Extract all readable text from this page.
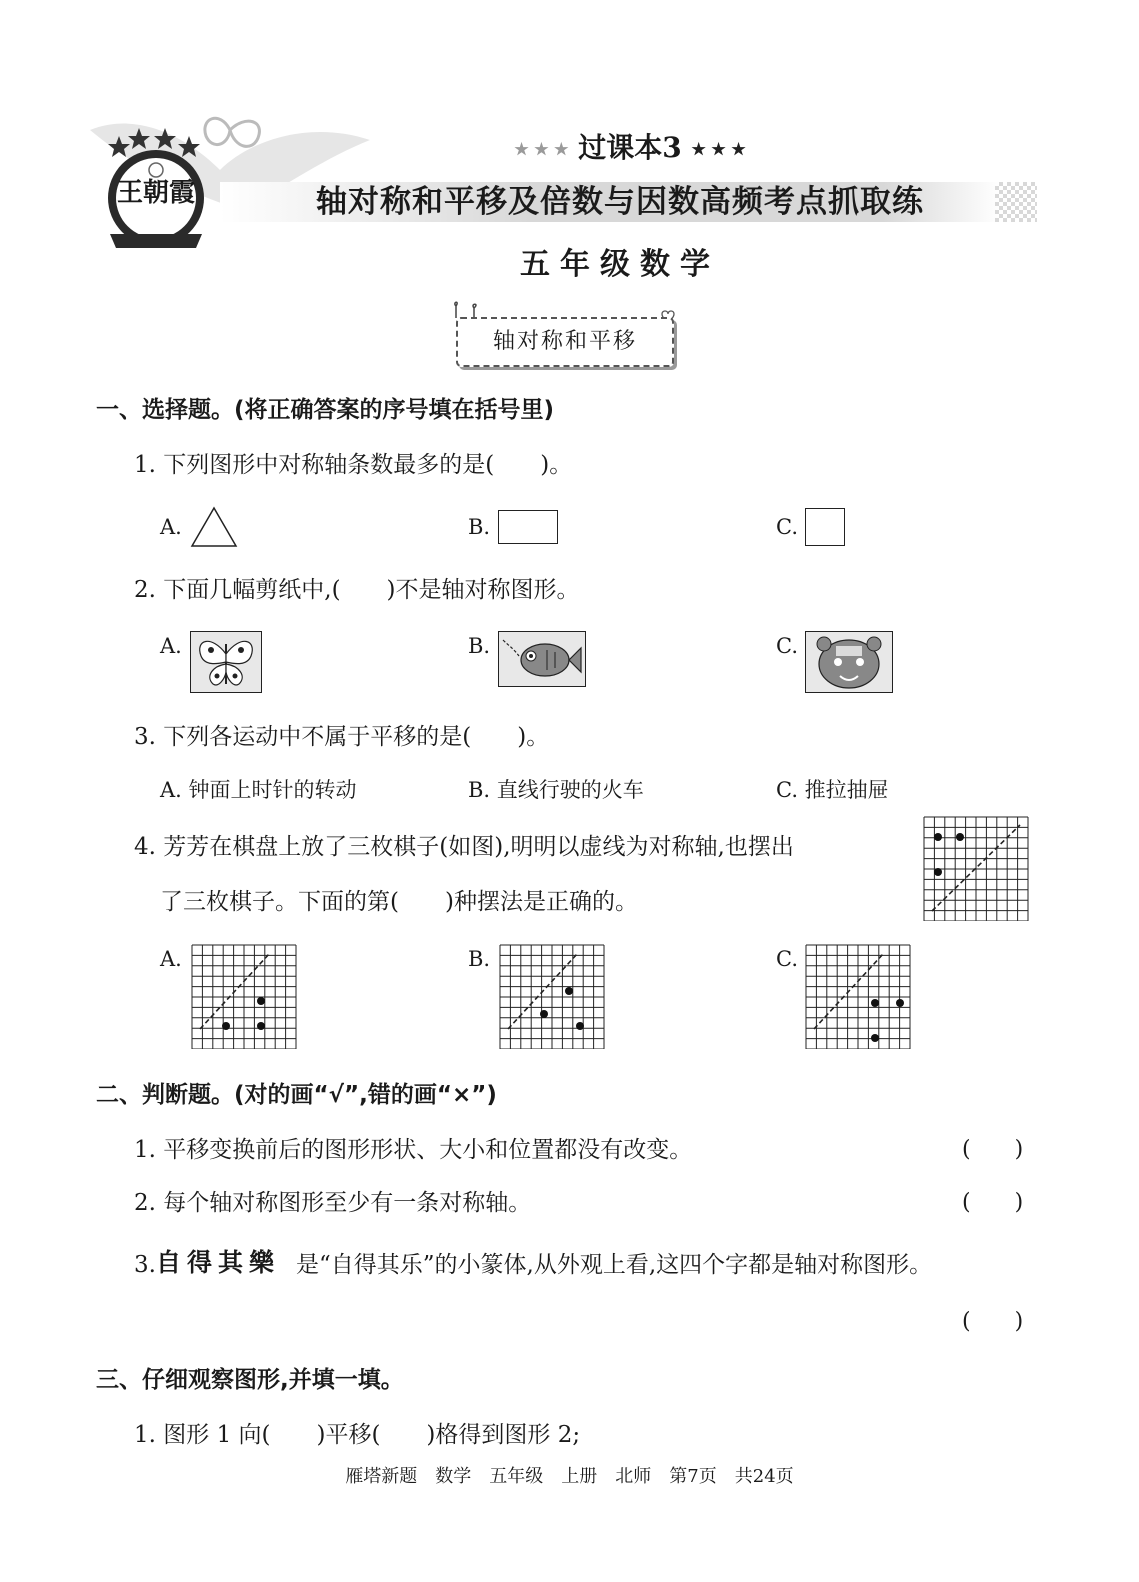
王朝霞
★ ★ ★ 过课本3 ★ ★ ★
轴对称和平移及倍数与因数高频考点抓取练
五年级数学
轴对称和平移
一、选择题。(将正确答案的序号填在括号里)
1. 下列图形中对称轴条数最多的是(　　)。
A.	B.	C.
2. 下面几幅剪纸中,(　　)不是轴对称图形。
A.	B.	C.
3. 下列各运动中不属于平移的是(　　)。
A. 钟面上时针的转动	B. 直线行驶的火车	C. 推拉抽屉
4. 芳芳在棋盘上放了三枚棋子(如图),明明以虚线为对称轴,也摆出
了三枚棋子。下面的第(　　)种摆法是正确的。
A.	B.	C.
二、判断题。(对的画“√”,错的画“×”)
1. 平移变换前后的图形形状、大小和位置都没有改变。	(　　)
2. 每个轴对称图形至少有一条对称轴。	(　　)
3. 自得其樂 是“自得其乐”的小篆体,从外观上看,这四个字都是轴对称图形。
(　　)
三、仔细观察图形,并填一填。
1. 图形 1 向(　　)平移(　　)格得到图形 2;
雁塔新题　数学　五年级　上册　北师　第7页　共24页
